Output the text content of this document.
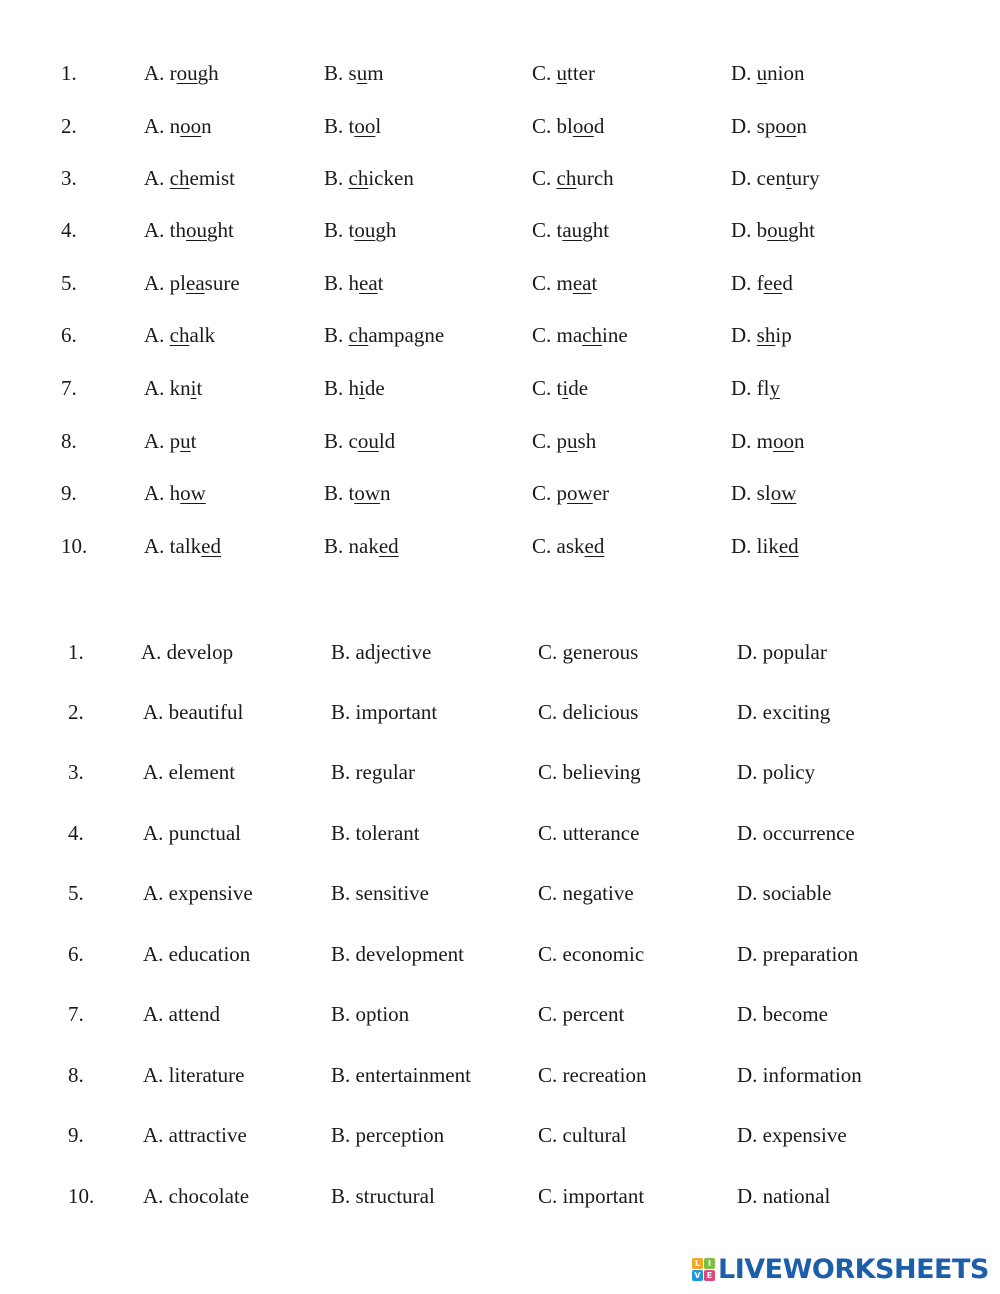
1.	A. rough	B. sum	C. utter	D. union
2.	A. noon	B. tool	C. blood	D. spoon
3.	A. chemist	B. chicken	C. church	D. century
4.	A. thought	B. tough	C. taught	D. bought
5.	A. pleasure	B. heat	C. meat	D. feed
6.	A. chalk	B. champagne	C. machine	D. ship
7.	A. knit	B. hide	C. tide	D. fly
8.	A. put	B. could	C. push	D. moon
9.	A. how	B. town	C. power	D. slow
10.	A. talked	B. naked	C. asked	D. liked
1.	A. develop	B. adjective	C. generous	D. popular
2.	A. beautiful	B. important	C. delicious	D. exciting
3.	A. element	B. regular	C. believing	D. policy
4.	A. punctual	B. tolerant	C. utterance	D. occurrence
5.	A. expensive	B. sensitive	C. negative	D. sociable
6.	A. education	B. development	C. economic	D. preparation
7.	A. attend	B. option	C. percent	D. become
8.	A. literature	B. entertainment	C. recreation	D. information
9.	A. attractive	B. perception	C. cultural	D. expensive
10. A. chocolate	B. structural	C. important	D. national
L I
V E LIVEWORKSHEETS
